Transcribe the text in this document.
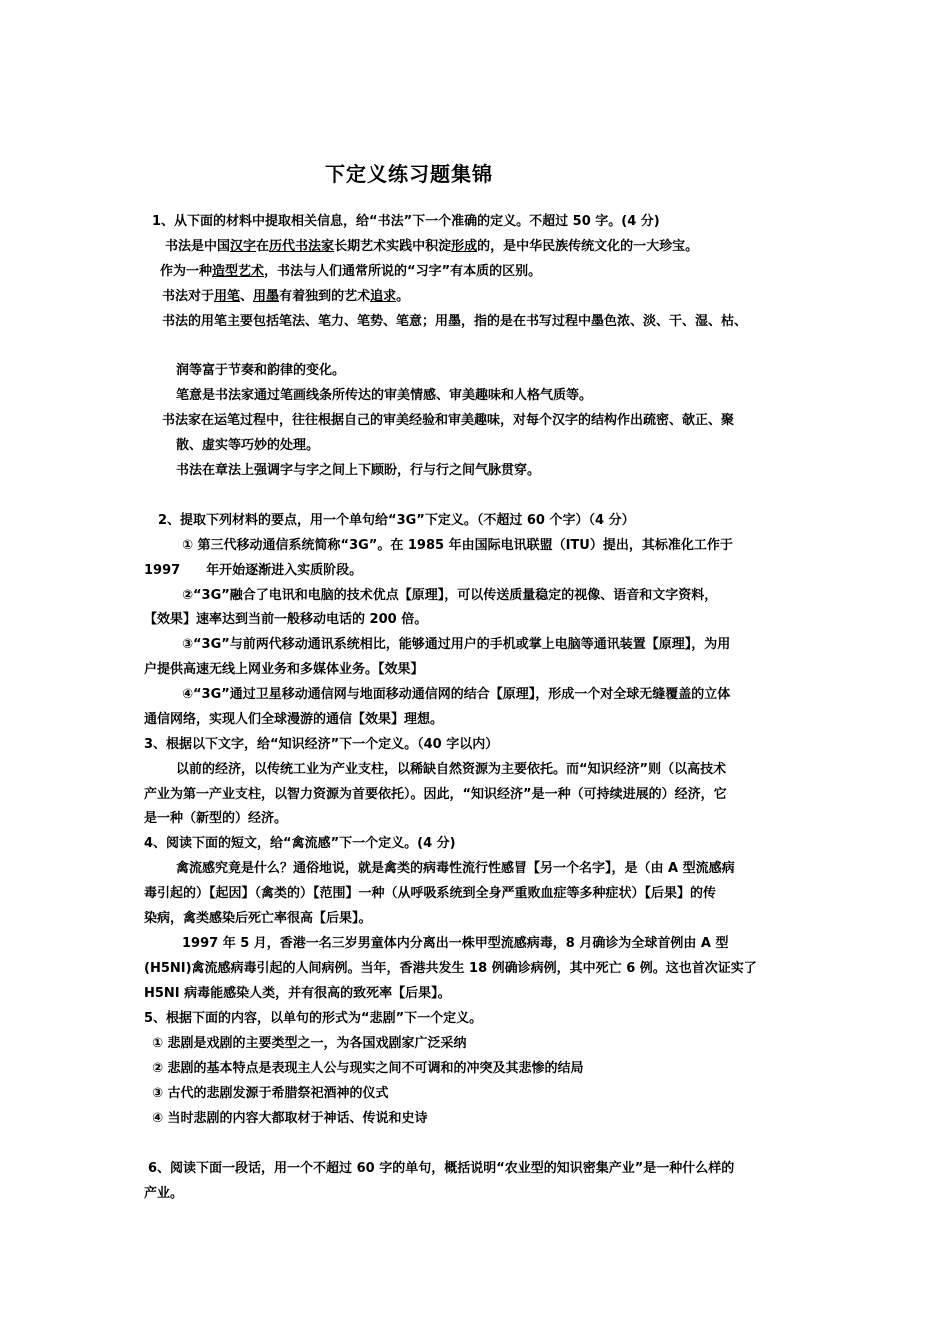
下定义练习题集锦
1、从下面的材料中提取相关信息，给“书法”下一个准确的定义。不超过 50 字。(4 分)
书法是中国汉字在历代书法家长期艺术实践中积淀形成的，是中华民族传统文化的一大珍宝。
作为一种造型艺术，书法与人们通常所说的“习字”有本质的区别。
书法对于用笔、用墨有着独到的艺术追求。
书法的用笔主要包括笔法、笔力、笔势、笔意；用墨，指的是在书写过程中墨色浓、淡、干、湿、枯、
润等富于节奏和韵律的变化。
笔意是书法家通过笔画线条所传达的审美情感、审美趣味和人格气质等。
书法家在运笔过程中，往往根据自己的审美经验和审美趣味，对每个汉字的结构作出疏密、欹正、聚
散、虚实等巧妙的处理。
书法在章法上强调字与字之间上下顾盼，行与行之间气脉贯穿。
2、提取下列材料的要点，用一个单句给“3G”下定义。（不超过 60 个字）（4 分）
① 第三代移动通信系统简称“3G”。在 1985 年由国际电讯联盟（ITU）提出，其标准化工作于
1997　　年开始逐渐进入实质阶段。
②“3G”融合了电讯和电脑的技术优点【原理】，可以传送质量稳定的视像、语音和文字资料，
【效果】速率达到当前一般移动电话的 200 倍。
③“3G”与前两代移动通讯系统相比，能够通过用户的手机或掌上电脑等通讯装置【原理】，为用
户提供高速无线上网业务和多媒体业务。【效果】
④“3G”通过卫星移动通信网与地面移动通信网的结合【原理】，形成一个对全球无缝覆盖的立体
通信网络，实现人们全球漫游的通信【效果】理想。
3、根据以下文字，给“知识经济”下一个定义。（40 字以内）
以前的经济，以传统工业为产业支柱，以稀缺自然资源为主要依托。而“知识经济”则（以高技术
产业为第一产业支柱，以智力资源为首要依托）。因此，“知识经济”是一种（可持续进展的）经济，它
是一种（新型的）经济。
4、阅读下面的短文，给“禽流感”下一个定义。(4 分)
禽流感究竟是什么？通俗地说，就是禽类的病毒性流行性感冒【另一个名字】，是（由 A 型流感病
毒引起的）【起因】（禽类的）【范围】一种（从呼吸系统到全身严重败血症等多种症状）【后果】的传
染病，禽类感染后死亡率很高【后果】。
1997 年 5 月，香港一名三岁男童体内分离出一株甲型流感病毒，8 月确诊为全球首例由 A 型
(H5NI)禽流感病毒引起的人间病例。当年，香港共发生 18 例确诊病例，其中死亡 6 例。这也首次证实了
H5NI 病毒能感染人类，并有很高的致死率【后果】。
5、根据下面的内容，以单句的形式为“悲剧”下一个定义。
① 悲剧是戏剧的主要类型之一，为各国戏剧家广泛采纳
② 悲剧的基本特点是表现主人公与现实之间不可调和的冲突及其悲惨的结局
③ 古代的悲剧发源于希腊祭祀酒神的仪式
④ 当时悲剧的内容大都取材于神话、传说和史诗
6、阅读下面一段话，用一个不超过 60 字的单句，概括说明“农业型的知识密集产业”是一种什么样的
产业。
